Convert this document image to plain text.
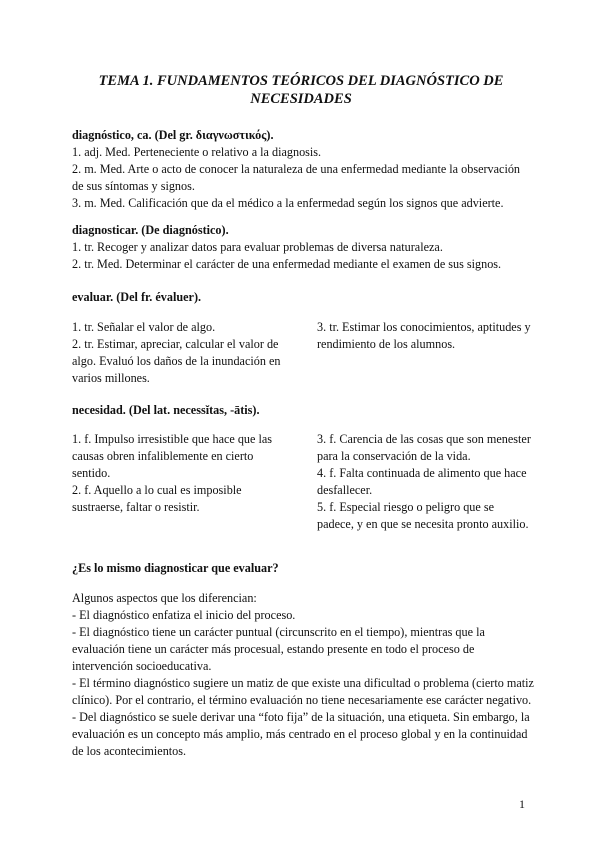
TEMA 1. FUNDAMENTOS TEÓRICOS DEL DIAGNÓSTICO DE
NECESIDADES

diagnóstico, ca. (Del gr. διαγνωστικός).

1. adj. Med. Perteneciente o relativo a la diagnosis.

2. m. Med. Arte o acto de conocer la naturaleza de una enfermedad mediante la observación de sus síntomas y signos.

3. m. Med. Calificación que da el médico a la enfermedad según los signos que advierte.

diagnosticar. (De diagnóstico).

1. tr. Recoger y analizar datos para evaluar problemas de diversa naturaleza.

2. tr. Med. Determinar el carácter de una enfermedad mediante el examen de sus signos.

evaluar. (Del fr. évaluer).

1. tr. Señalar el valor de algo.

2. tr. Estimar, apreciar, calcular el valor de algo. Evaluó los daños de la inundación en varios millones.

3. tr. Estimar los conocimientos, aptitudes y rendimiento de los alumnos.

necesidad. (Del lat. necessĭtas, -ātis).

1. f. Impulso irresistible que hace que las causas obren infaliblemente en cierto sentido.

2. f. Aquello a lo cual es imposible sustraerse, faltar o resistir.

3. f. Carencia de las cosas que son menester para la conservación de la vida.

4. f. Falta continuada de alimento que hace desfallecer.

5. f. Especial riesgo o peligro que se padece, y en que se necesita pronto auxilio.

¿Es lo mismo diagnosticar que evaluar?

Algunos aspectos que los diferencian:

- El diagnóstico enfatiza el inicio del proceso.

- El diagnóstico tiene un carácter puntual (circunscrito en el tiempo), mientras que la evaluación tiene un carácter más procesual, estando presente en todo el proceso de intervención socioeducativa.

- El término diagnóstico sugiere un matiz de que existe una dificultad o problema (cierto matiz clínico). Por el contrario, el término evaluación no tiene necesariamente ese carácter negativo.

- Del diagnóstico se suele derivar una “foto fija” de la situación, una etiqueta. Sin embargo, la evaluación es un concepto más amplio, más centrado en el proceso global y en la continuidad de los acontecimientos.

1
